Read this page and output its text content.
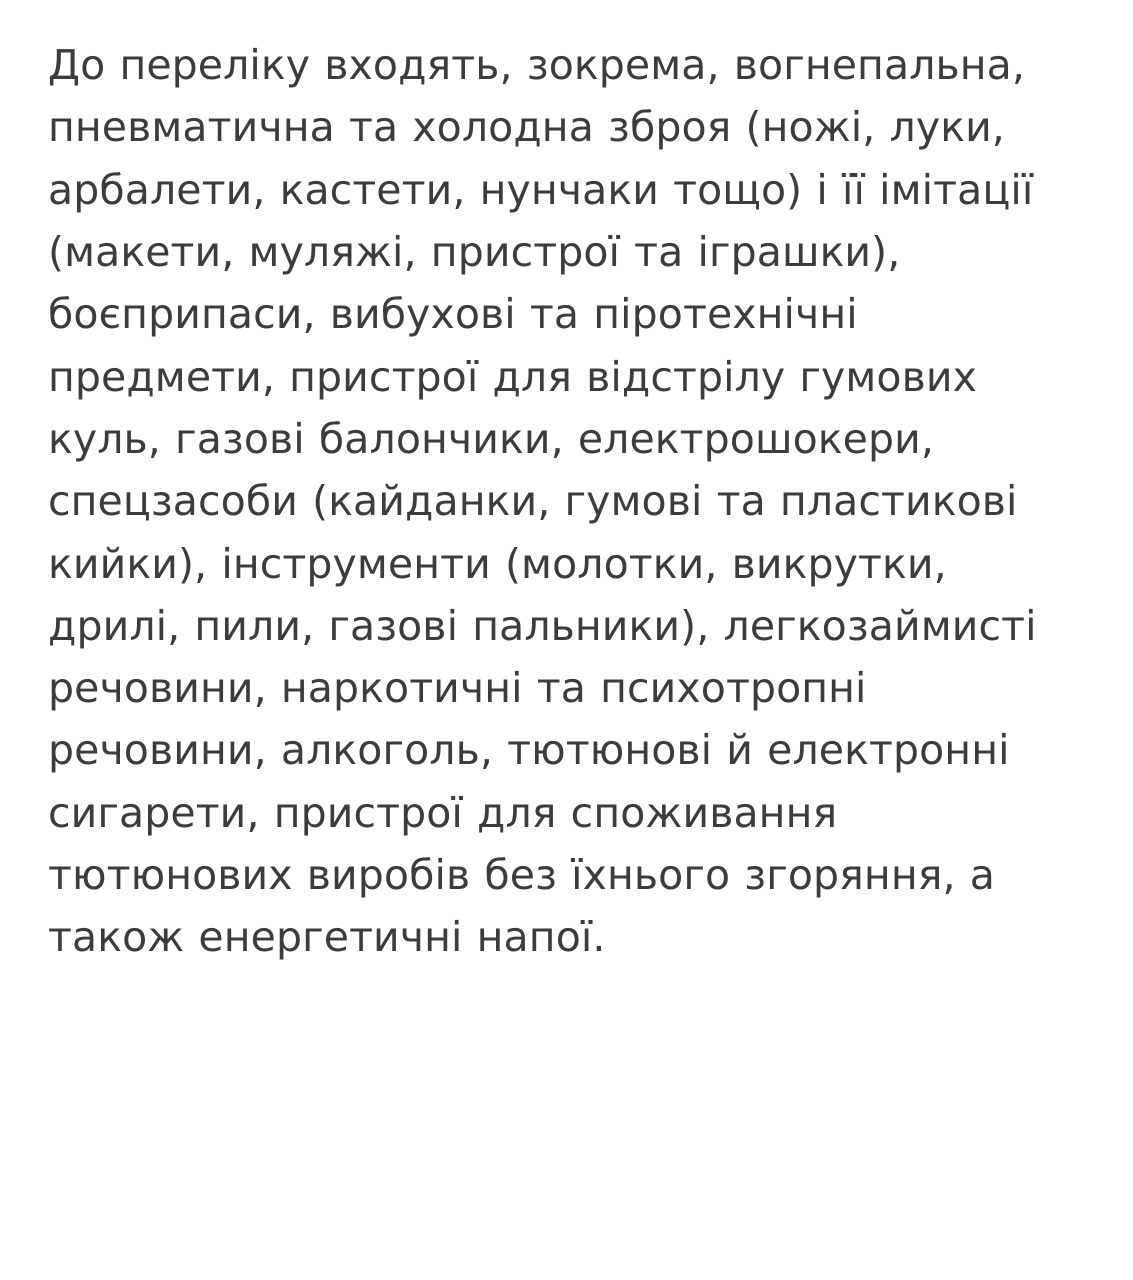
До переліку входять, зокрема, вогнепальна, пневматична та холодна зброя (ножі, луки, арбалети, кастети, нунчаки тощо) і її імітації (макети, муляжі, пристрої та іграшки), боєприпаси, вибухові та піротехнічні предмети, пристрої для відстрілу гумових куль, газові балончики, електрошокери, спецзасоби (кайданки, гумові та пластикові кийки), інструменти (молотки, викрутки, дрилі, пили, газові пальники), легкозаймисті речовини, наркотичні та психотропні речовини, алкоголь, тютюнові й електронні сигарети, пристрої для споживання тютюнових виробів без їхнього згоряння, а також енергетичні напої.
